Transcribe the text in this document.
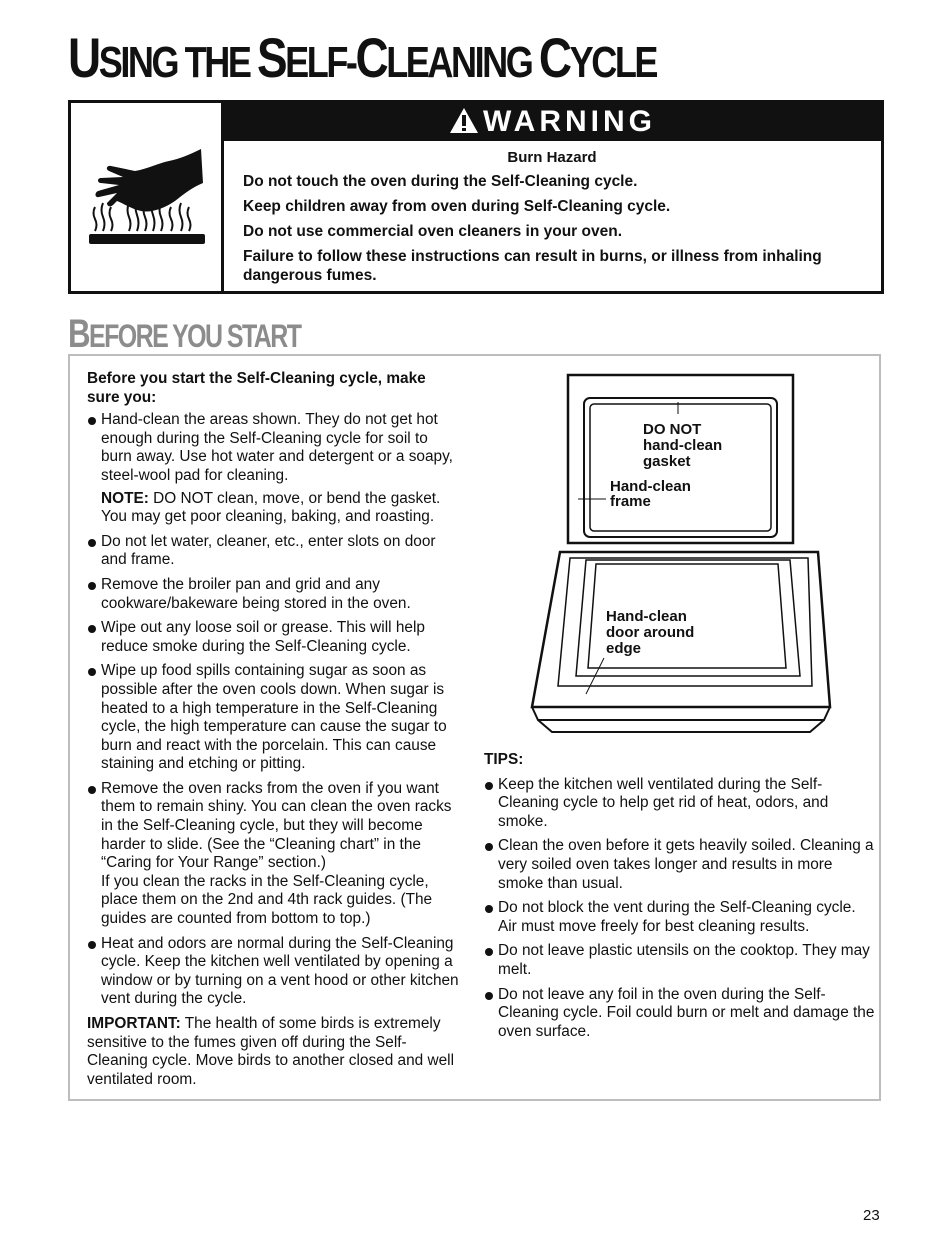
USING THE SELF-CLEANING CYCLE
WARNING

Burn Hazard

Do not touch the oven during the Self-Cleaning cycle.

Keep children away from oven during Self-Cleaning cycle.

Do not use commercial oven cleaners in your oven.

Failure to follow these instructions can result in burns, or illness from inhaling dangerous fumes.

BEFORE YOU START

Before you start the Self-Cleaning cycle, make sure you:

Hand-clean the areas shown. They do not get hot enough during the Self-Cleaning cycle for soil to burn away. Use hot water and detergent or a soapy, steel-wool pad for cleaning.

NOTE: DO NOT clean, move, or bend the gasket. You may get poor cleaning, baking, and roasting.

Do not let water, cleaner, etc., enter slots on door and frame.
Remove the broiler pan and grid and any cookware/bakeware being stored in the oven.
Wipe out any loose soil or grease. This will help reduce smoke during the Self-Cleaning cycle.
Wipe up food spills containing sugar as soon as possible after the oven cools down. When sugar is heated to a high temperature in the Self-Cleaning cycle, the high temperature can cause the sugar to burn and react with the porcelain. This can cause staining and etching or pitting.
Remove the oven racks from the oven if you want them to remain shiny. You can clean the oven racks in the Self-Cleaning cycle, but they will become harder to slide. (See the “Cleaning chart” in the “Caring for Your Range” section.)

If you clean the racks in the Self-Cleaning cycle, place them on the 2nd and 4th rack guides. (The guides are counted from bottom to top.)

Heat and odors are normal during the Self-Cleaning cycle. Keep the kitchen well ventilated by opening a window or by turning on a vent hood or other kitchen vent during the cycle.

IMPORTANT: The health of some birds is extremely sensitive to the fumes given off during the Self-Cleaning cycle. Move birds to another closed and well ventilated room.

DO NOT
hand-clean
gasket
Hand-clean
frame
Hand-clean
door around
edge

TIPS:

Keep the kitchen well ventilated during the Self-Cleaning cycle to help get rid of heat, odors, and smoke.
Clean the oven before it gets heavily soiled. Cleaning a very soiled oven takes longer and results in more smoke than usual.
Do not block the vent during the Self-Cleaning cycle. Air must move freely for best cleaning results.
Do not leave plastic utensils on the cooktop. They may melt.
Do not leave any foil in the oven during the Self-Cleaning cycle. Foil could burn or melt and damage the oven surface.
23
